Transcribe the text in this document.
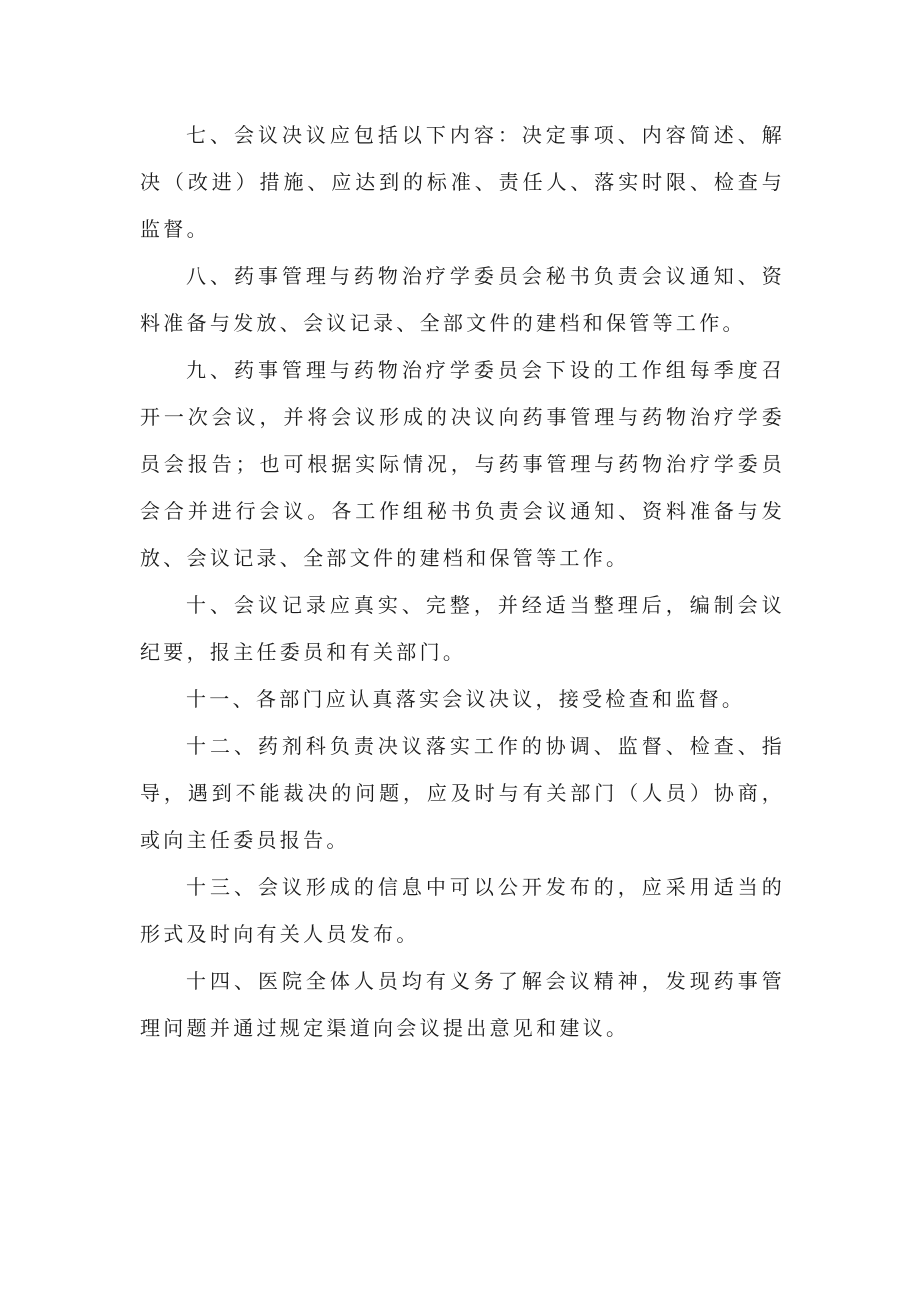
七、会议决议应包括以下内容：决定事项、内容简述、解决（改进）措施、应达到的标准、责任人、落实时限、检查与监督。

八、药事管理与药物治疗学委员会秘书负责会议通知、资料准备与发放、会议记录、全部文件的建档和保管等工作。

九、药事管理与药物治疗学委员会下设的工作组每季度召开一次会议，并将会议形成的决议向药事管理与药物治疗学委员会报告；也可根据实际情况，与药事管理与药物治疗学委员会合并进行会议。各工作组秘书负责会议通知、资料准备与发放、会议记录、全部文件的建档和保管等工作。

十、会议记录应真实、完整，并经适当整理后，编制会议纪要，报主任委员和有关部门。

十一、各部门应认真落实会议决议，接受检查和监督。

十二、药剂科负责决议落实工作的协调、监督、检查、指导，遇到不能裁决的问题，应及时与有关部门（人员）协商，或向主任委员报告。

十三、会议形成的信息中可以公开发布的，应采用适当的形式及时向有关人员发布。

十四、医院全体人员均有义务了解会议精神，发现药事管理问题并通过规定渠道向会议提出意见和建议。
